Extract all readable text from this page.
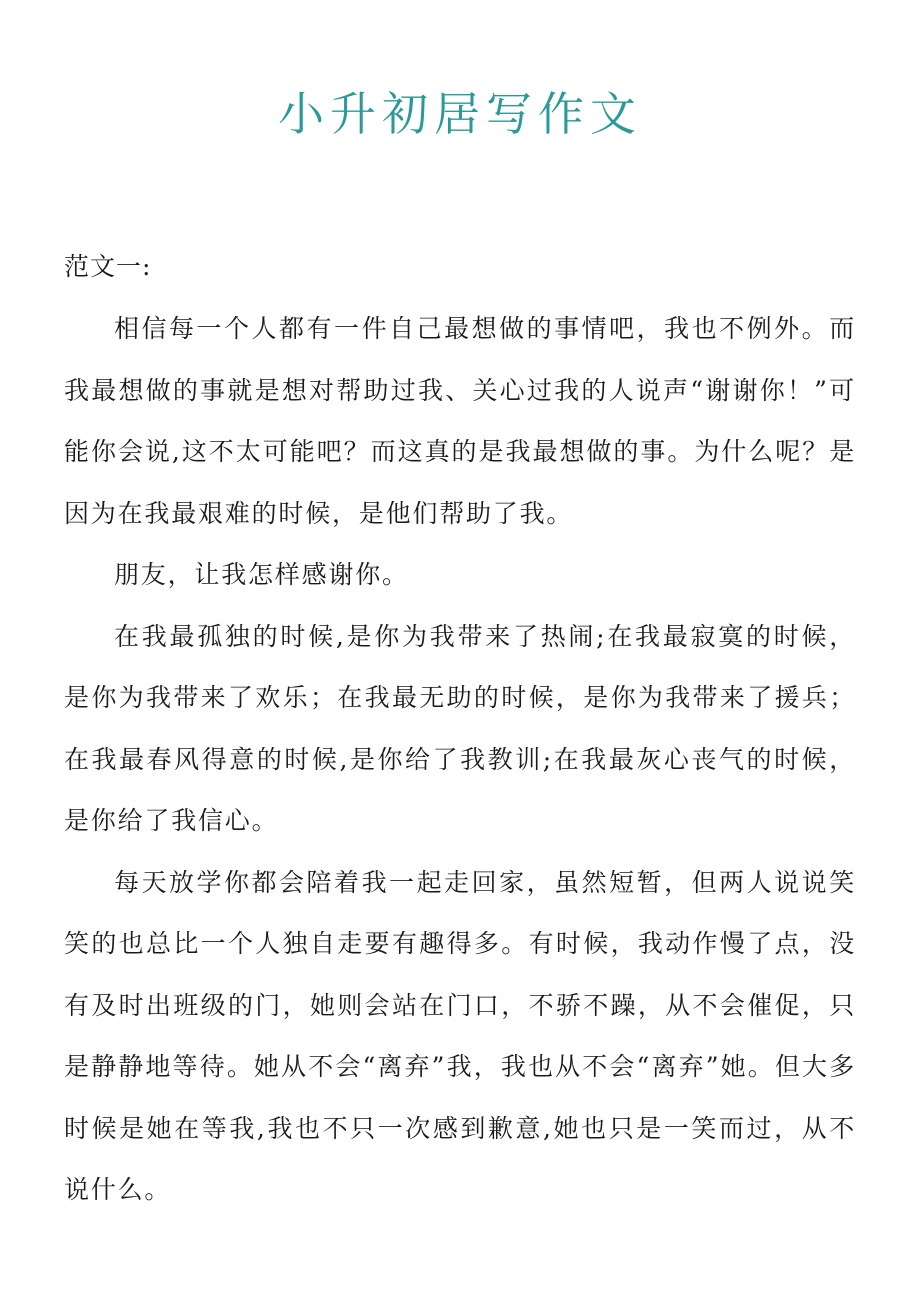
小升初居写作文

范文一:

相信每一个人都有一件自己最想做的事情吧，我也不例外。而我最想做的事就是想对帮助过我、关心过我的人说声“谢谢你！”可能你会说,这不太可能吧？而这真的是我最想做的事。为什么呢？是因为在我最艰难的时候，是他们帮助了我。

朋友，让我怎样感谢你。

在我最孤独的时候,是你为我带来了热闹;在我最寂寞的时候，是你为我带来了欢乐；在我最无助的时候，是你为我带来了援兵；在我最春风得意的时候,是你给了我教训;在我最灰心丧气的时候，是你给了我信心。

每天放学你都会陪着我一起走回家，虽然短暂，但两人说说笑笑的也总比一个人独自走要有趣得多。有时候，我动作慢了点，没有及时出班级的门，她则会站在门口，不骄不躁，从不会催促，只是静静地等待。她从不会“离弃”我，我也从不会“离弃”她。但大多时候是她在等我,我也不只一次感到歉意,她也只是一笑而过，从不说什么。
